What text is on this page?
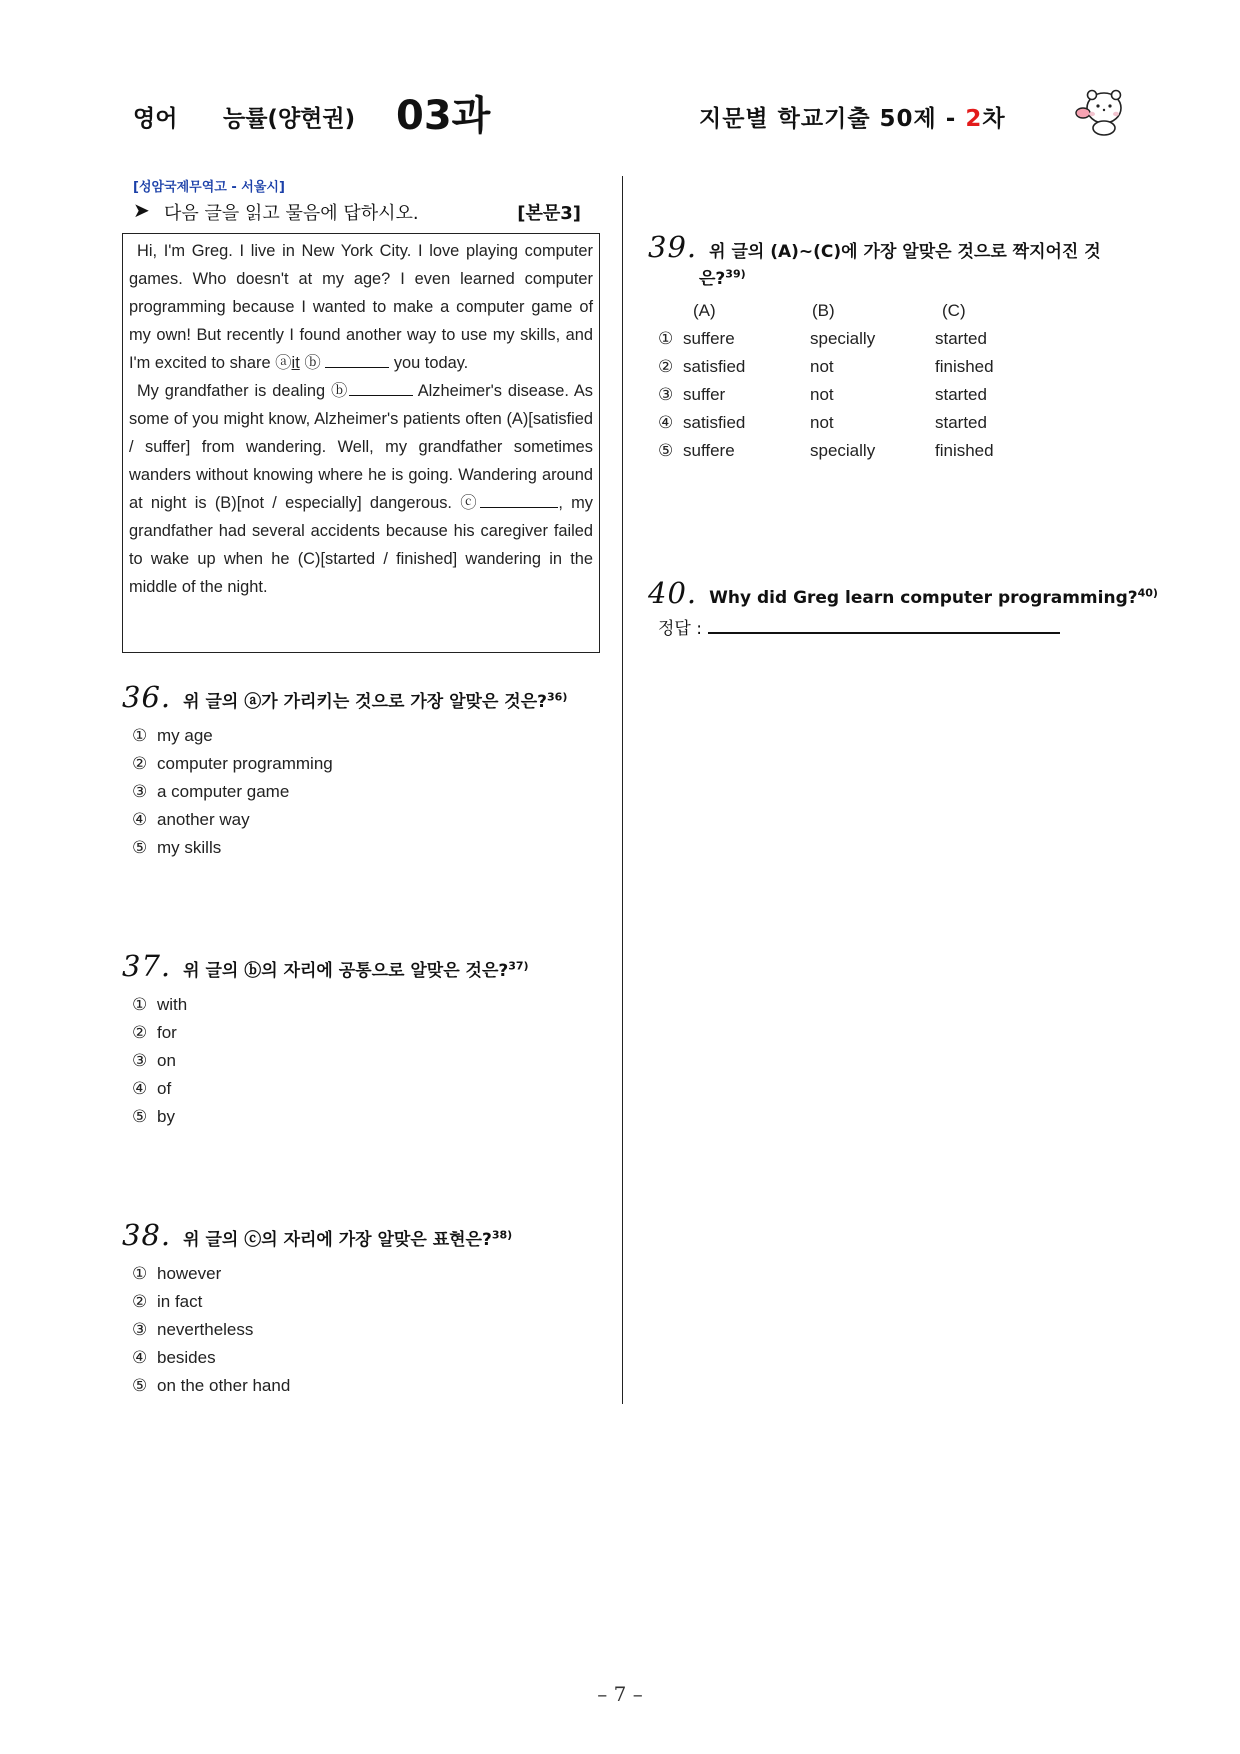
영어 능률(양현권) 03과	지문별 학교기출 50제 - 2차
[성암국제무역고 - 서울시]
➤ 다음 글을 읽고 물음에 답하시오.	[본문3]

Hi, I'm Greg. I live in New York City. I love playing computer games. Who doesn't at my age? I even learned computer programming because I wanted to make a computer game of my own! But recently I found another way to use my skills, and I'm excited to share ⓐit ⓑ	you today.

My grandfather is dealing ⓑ	Alzheimer's disease. As some of you might know, Alzheimer's patients often (A)[satisfied / suffer] from wandering. Well, my grandfather sometimes wanders without knowing where he is going. Wandering around at night is (B)[not / especially] dangerous. ⓒ	, my grandfather had several accidents because his caregiver failed to wake up when he (C)[started / finished] wandering in the middle of the night.

36. 위 글의 ⓐ가 가리키는 것으로 가장 알맞은 것은?$^{36)}$
① my age
② computer programming
③ a computer game
④ another way
⑤ my skills
37. 위 글의 ⓑ의 자리에 공통으로 알맞은 것은?$^{37)}$
① with
② for
③ on
④ of
⑤ by
38. 위 글의 ⓒ의 자리에 가장 알맞은 표현은?$^{38)}$
① however
② in fact
③ nevertheless
④ besides
⑤ on the other hand
39. 위 글의 (A)~(C)에 가장 알맞은 것으로 짝지어진 것
은?$^{39)}$
(A)	(B)	(C)
① suffere	specially	started
② satisfied	not	finished
③ suffer	not	started
④ satisfied	not	started
⑤ suffere	specially	finished
40. Why did Greg learn computer programming?$^{40)}$
정답 :
– 7 –
